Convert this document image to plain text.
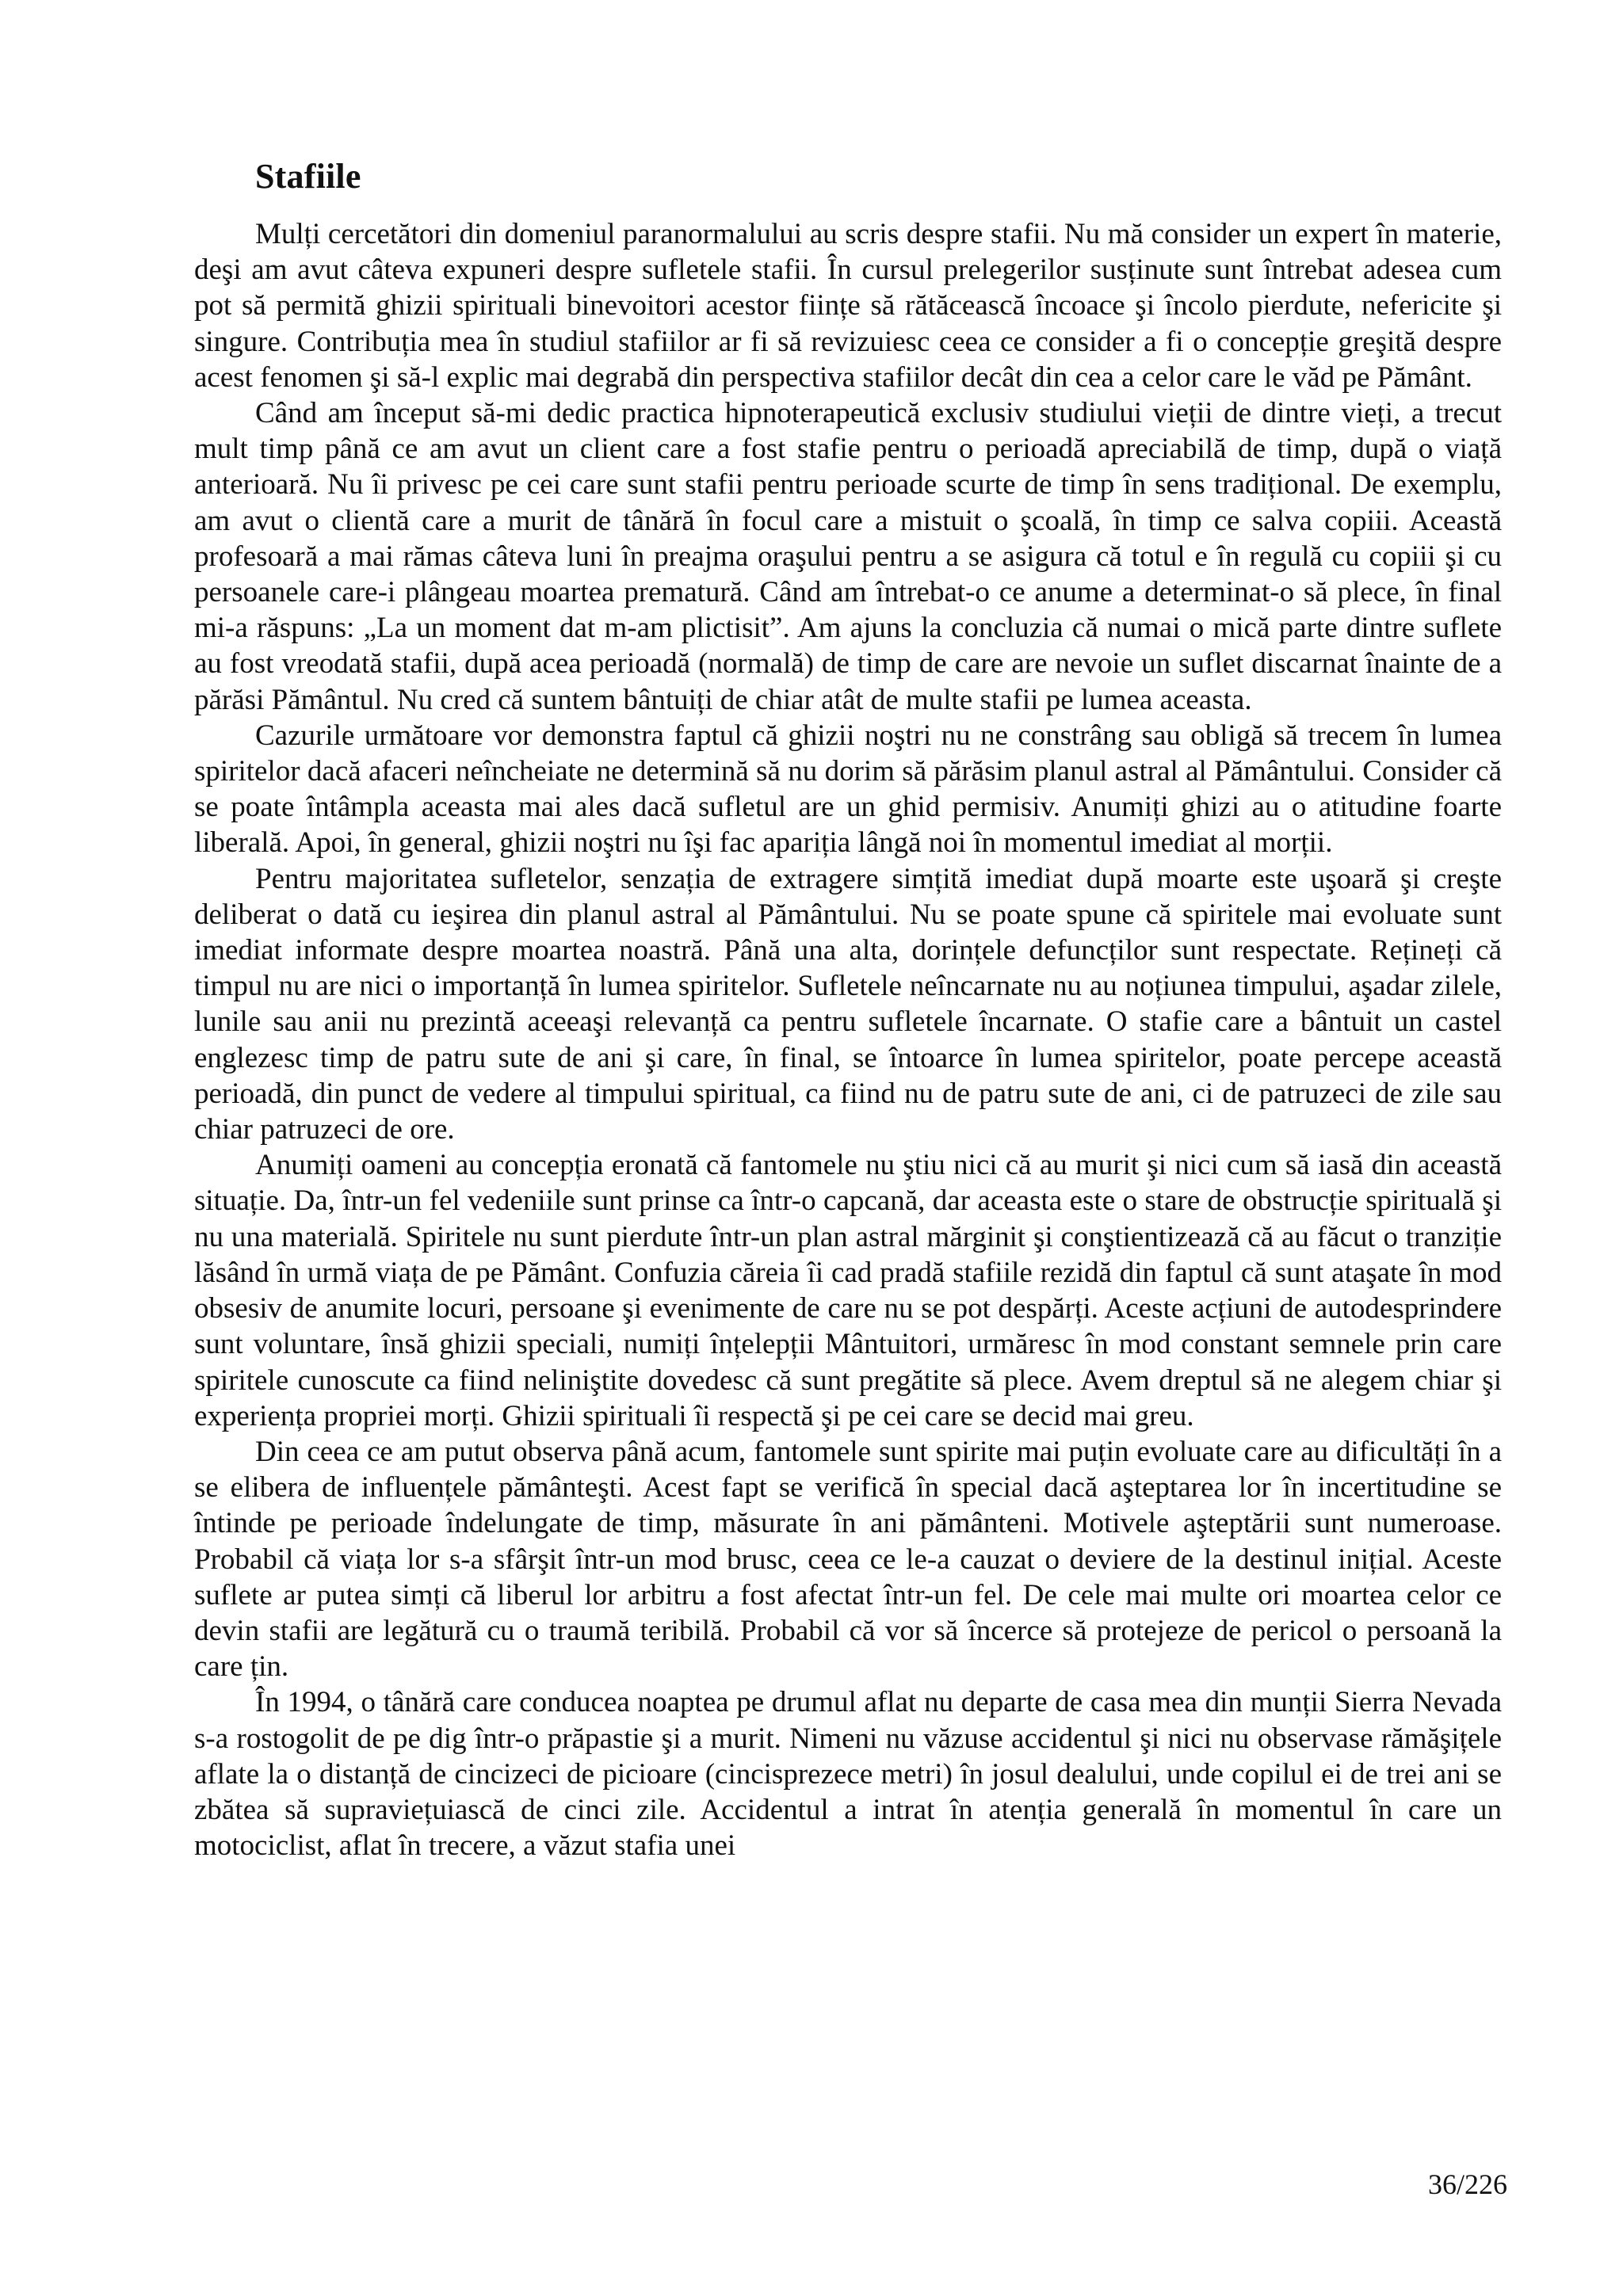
Stafiile

Mulți cercetători din domeniul paranormalului au scris despre stafii. Nu mă consider un expert în materie, deşi am avut câteva expuneri despre sufletele stafii. În cursul prelegerilor susținute sunt întrebat adesea cum pot să permită ghizii spirituali binevoitori acestor ființe să rătăcească încoace şi încolo pierdute, nefericite şi singure. Contribuția mea în studiul stafiilor ar fi să revizuiesc ceea ce consider a fi o concepție greşită despre acest fenomen şi să-l explic mai degrabă din perspectiva stafiilor decât din cea a celor care le văd pe Pământ.

Când am început să-mi dedic practica hipnoterapeutică exclusiv studiului vieții de dintre vieți, a trecut mult timp până ce am avut un client care a fost stafie pentru o perioadă apreciabilă de timp, după o viață anterioară. Nu îi privesc pe cei care sunt stafii pentru perioade scurte de timp în sens tradițional. De exemplu, am avut o clientă care a murit de tânără în focul care a mistuit o şcoală, în timp ce salva copiii. Această profesoară a mai rămas câteva luni în preajma oraşului pentru a se asigura că totul e în regulă cu copiii şi cu persoanele care-i plângeau moartea prematură. Când am întrebat-o ce anume a determinat-o să plece, în final mi-a răspuns: „La un moment dat m-am plictisit”. Am ajuns la concluzia că numai o mică parte dintre suflete au fost vreodată stafii, după acea perioadă (normală) de timp de care are nevoie un suflet discarnat înainte de a părăsi Pământul. Nu cred că suntem bântuiți de chiar atât de multe stafii pe lumea aceasta.

Cazurile următoare vor demonstra faptul că ghizii noştri nu ne constrâng sau obligă să trecem în lumea spiritelor dacă afaceri neîncheiate ne determină să nu dorim să părăsim planul astral al Pământului. Consider că se poate întâmpla aceasta mai ales dacă sufletul are un ghid permisiv. Anumiți ghizi au o atitudine foarte liberală. Apoi, în general, ghizii noştri nu îşi fac apariția lângă noi în momentul imediat al morții.

Pentru majoritatea sufletelor, senzația de extragere simțită imediat după moarte este uşoară şi creşte deliberat o dată cu ieşirea din planul astral al Pământului. Nu se poate spune că spiritele mai evoluate sunt imediat informate despre moartea noastră. Până una alta, dorințele defuncților sunt respectate. Rețineți că timpul nu are nici o importanță în lumea spiritelor. Sufletele neîncarnate nu au noțiunea timpului, aşadar zilele, lunile sau anii nu prezintă aceeaşi relevanță ca pentru sufletele încarnate. O stafie care a bântuit un castel englezesc timp de patru sute de ani şi care, în final, se întoarce în lumea spiritelor, poate percepe această perioadă, din punct de vedere al timpului spiritual, ca fiind nu de patru sute de ani, ci de patruzeci de zile sau chiar patruzeci de ore.

Anumiți oameni au concepția eronată că fantomele nu ştiu nici că au murit şi nici cum să iasă din această situație. Da, într-un fel vedeniile sunt prinse ca într-o capcană, dar aceasta este o stare de obstrucție spirituală şi nu una materială. Spiritele nu sunt pierdute într-un plan astral mărginit şi conştientizează că au făcut o tranziție lăsând în urmă viața de pe Pământ. Confuzia căreia îi cad pradă stafiile rezidă din faptul că sunt ataşate în mod obsesiv de anumite locuri, persoane şi evenimente de care nu se pot despărți. Aceste acțiuni de autodesprindere sunt voluntare, însă ghizii speciali, numiți înțelepții Mântuitori, urmăresc în mod constant semnele prin care spiritele cunoscute ca fiind neliniştite dovedesc că sunt pregătite să plece. Avem dreptul să ne alegem chiar şi experiența propriei morți. Ghizii spirituali îi respectă şi pe cei care se decid mai greu.

Din ceea ce am putut observa până acum, fantomele sunt spirite mai puțin evoluate care au dificultăți în a se elibera de influențele pământeşti. Acest fapt se verifică în special dacă aşteptarea lor în incertitudine se întinde pe perioade îndelungate de timp, măsurate în ani pământeni. Motivele aşteptării sunt numeroase. Probabil că viața lor s-a sfârşit într-un mod brusc, ceea ce le-a cauzat o deviere de la destinul inițial. Aceste suflete ar putea simți că liberul lor arbitru a fost afectat într-un fel. De cele mai multe ori moartea celor ce devin stafii are legătură cu o traumă teribilă. Probabil că vor să încerce să protejeze de pericol o persoană la care țin.

În 1994, o tânără care conducea noaptea pe drumul aflat nu departe de casa mea din munții Sierra Nevada s-a rostogolit de pe dig într-o prăpastie şi a murit. Nimeni nu văzuse accidentul şi nici nu observase rămăşițele aflate la o distanță de cincizeci de picioare (cincisprezece metri) în josul dealului, unde copilul ei de trei ani se zbătea să supraviețuiască de cinci zile. Accidentul a intrat în atenția generală în momentul în care un motociclist, aflat în trecere, a văzut stafia unei

36/226
